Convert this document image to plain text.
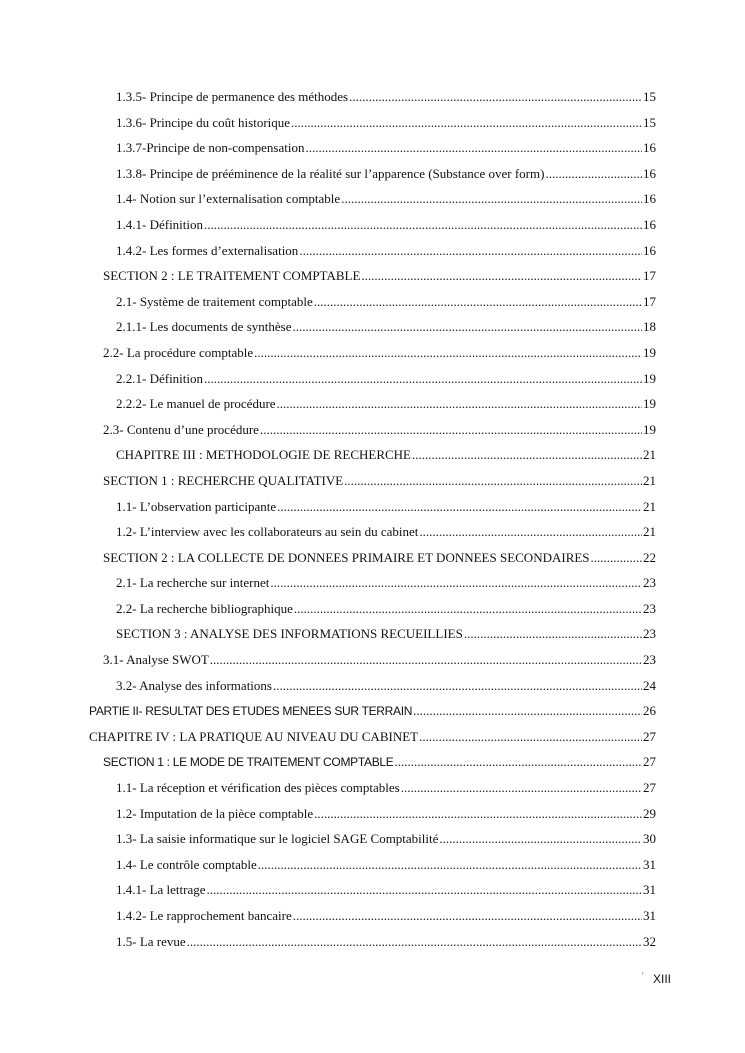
1.3.5- Principe de permanence des méthodes .....	15
1.3.6- Principe du coût historique .....	15
1.3.7-Principe de non-compensation .....	16
1.3.8- Principe de prééminence de la réalité sur l’apparence (Substance over form) .....	16
1.4- Notion sur l’externalisation comptable .....	16
1.4.1- Définition .....	16
1.4.2- Les formes d’externalisation .....	16
SECTION 2 : LE TRAITEMENT COMPTABLE .....	17
2.1- Système de traitement comptable .....	17
2.1.1- Les documents de synthèse .....	18
2.2- La procédure comptable .....	19
2.2.1- Définition .....	19
2.2.2- Le manuel de procédure .....	19
2.3- Contenu d’une procédure .....	19
CHAPITRE III : METHODOLOGIE DE RECHERCHE .....	21
SECTION 1 : RECHERCHE QUALITATIVE .....	21
1.1- L’observation participante .....	21
1.2- L’interview avec les collaborateurs au sein du cabinet .....	21
SECTION 2 : LA COLLECTE DE DONNEES PRIMAIRE ET DONNEES SECONDAIRES .....	22
2.1- La recherche sur internet .....	23
2.2- La recherche bibliographique .....	23
SECTION 3 : ANALYSE DES INFORMATIONS RECUEILLIES .....	23
3.1- Analyse SWOT .....	23
3.2- Analyse des informations .....	24
PARTIE II- RESULTAT DES ETUDES MENEES SUR TERRAIN .....	26
CHAPITRE IV : LA PRATIQUE AU NIVEAU DU CABINET .....	27
SECTION 1 : LE MODE DE TRAITEMENT COMPTABLE .....	27
1.1- La réception et vérification des pièces comptables .....	27
1.2- Imputation de la pièce comptable .....	29
1.3- La saisie informatique sur le logiciel SAGE Comptabilité .....	30
1.4- Le contrôle comptable .....	31
1.4.1- La lettrage .....	31
1.4.2- Le rapprochement bancaire .....	31
1.5- La revue .....	32
' XIII
